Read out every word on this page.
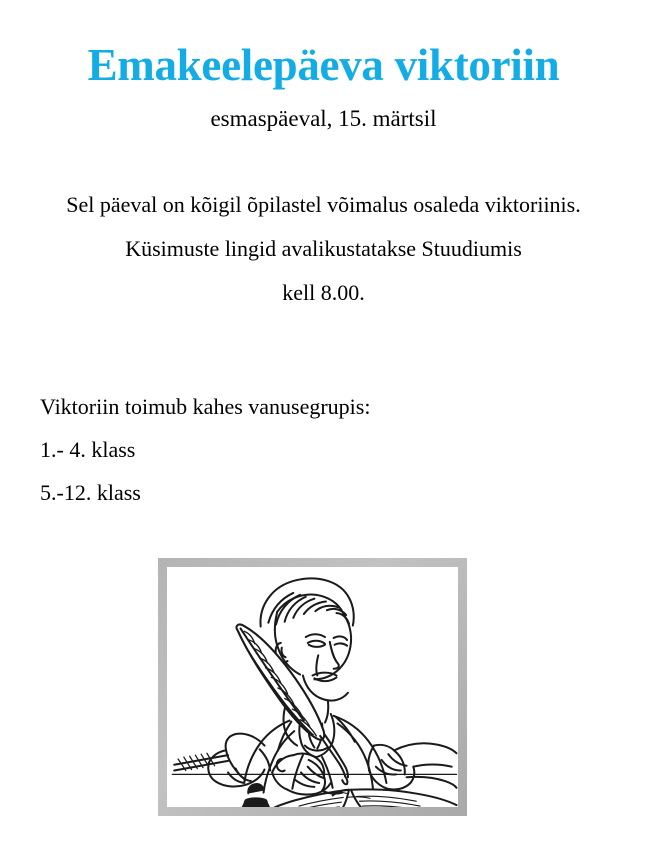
Emakeelepäeva viktoriin
esmaspäeval, 15. märtsil

Sel päeval on kõigil õpilastel võimalus osaleda viktoriinis.

Küsimuste lingid avalikustatakse Stuudiumis

kell 8.00.

Viktoriin toimub kahes vanusegrupis:

1.- 4. klass

5.-12. klass
